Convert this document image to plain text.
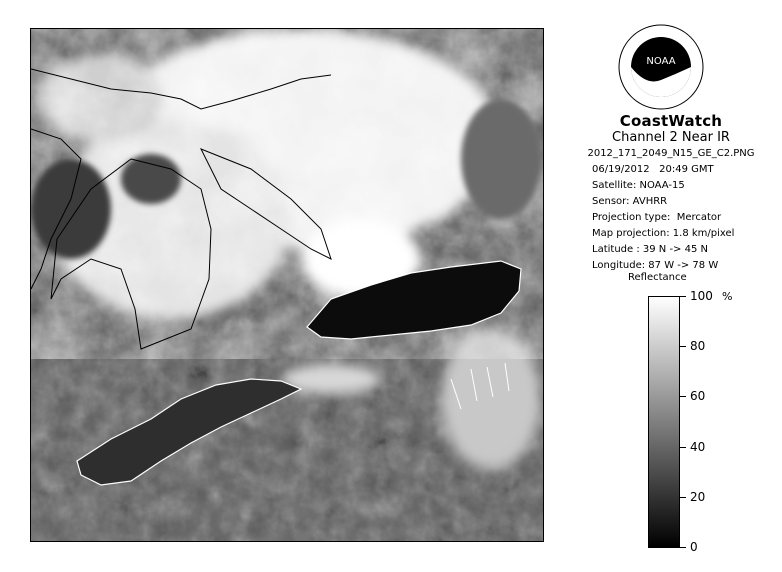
NOAA
CoastWatch
Channel 2 Near IR
2012_171_2049_N15_GE_C2.PNG
06/19/2012   20:49 GMT
Satellite: NOAA-15
Sensor: AVHRR
Projection type:  Mercator
Map projection: 1.8 km/pixel
Latitude : 39 N -> 45 N
Longitude: 87 W -> 78 W
Reflectance
%
100
80
60
40
20
0
